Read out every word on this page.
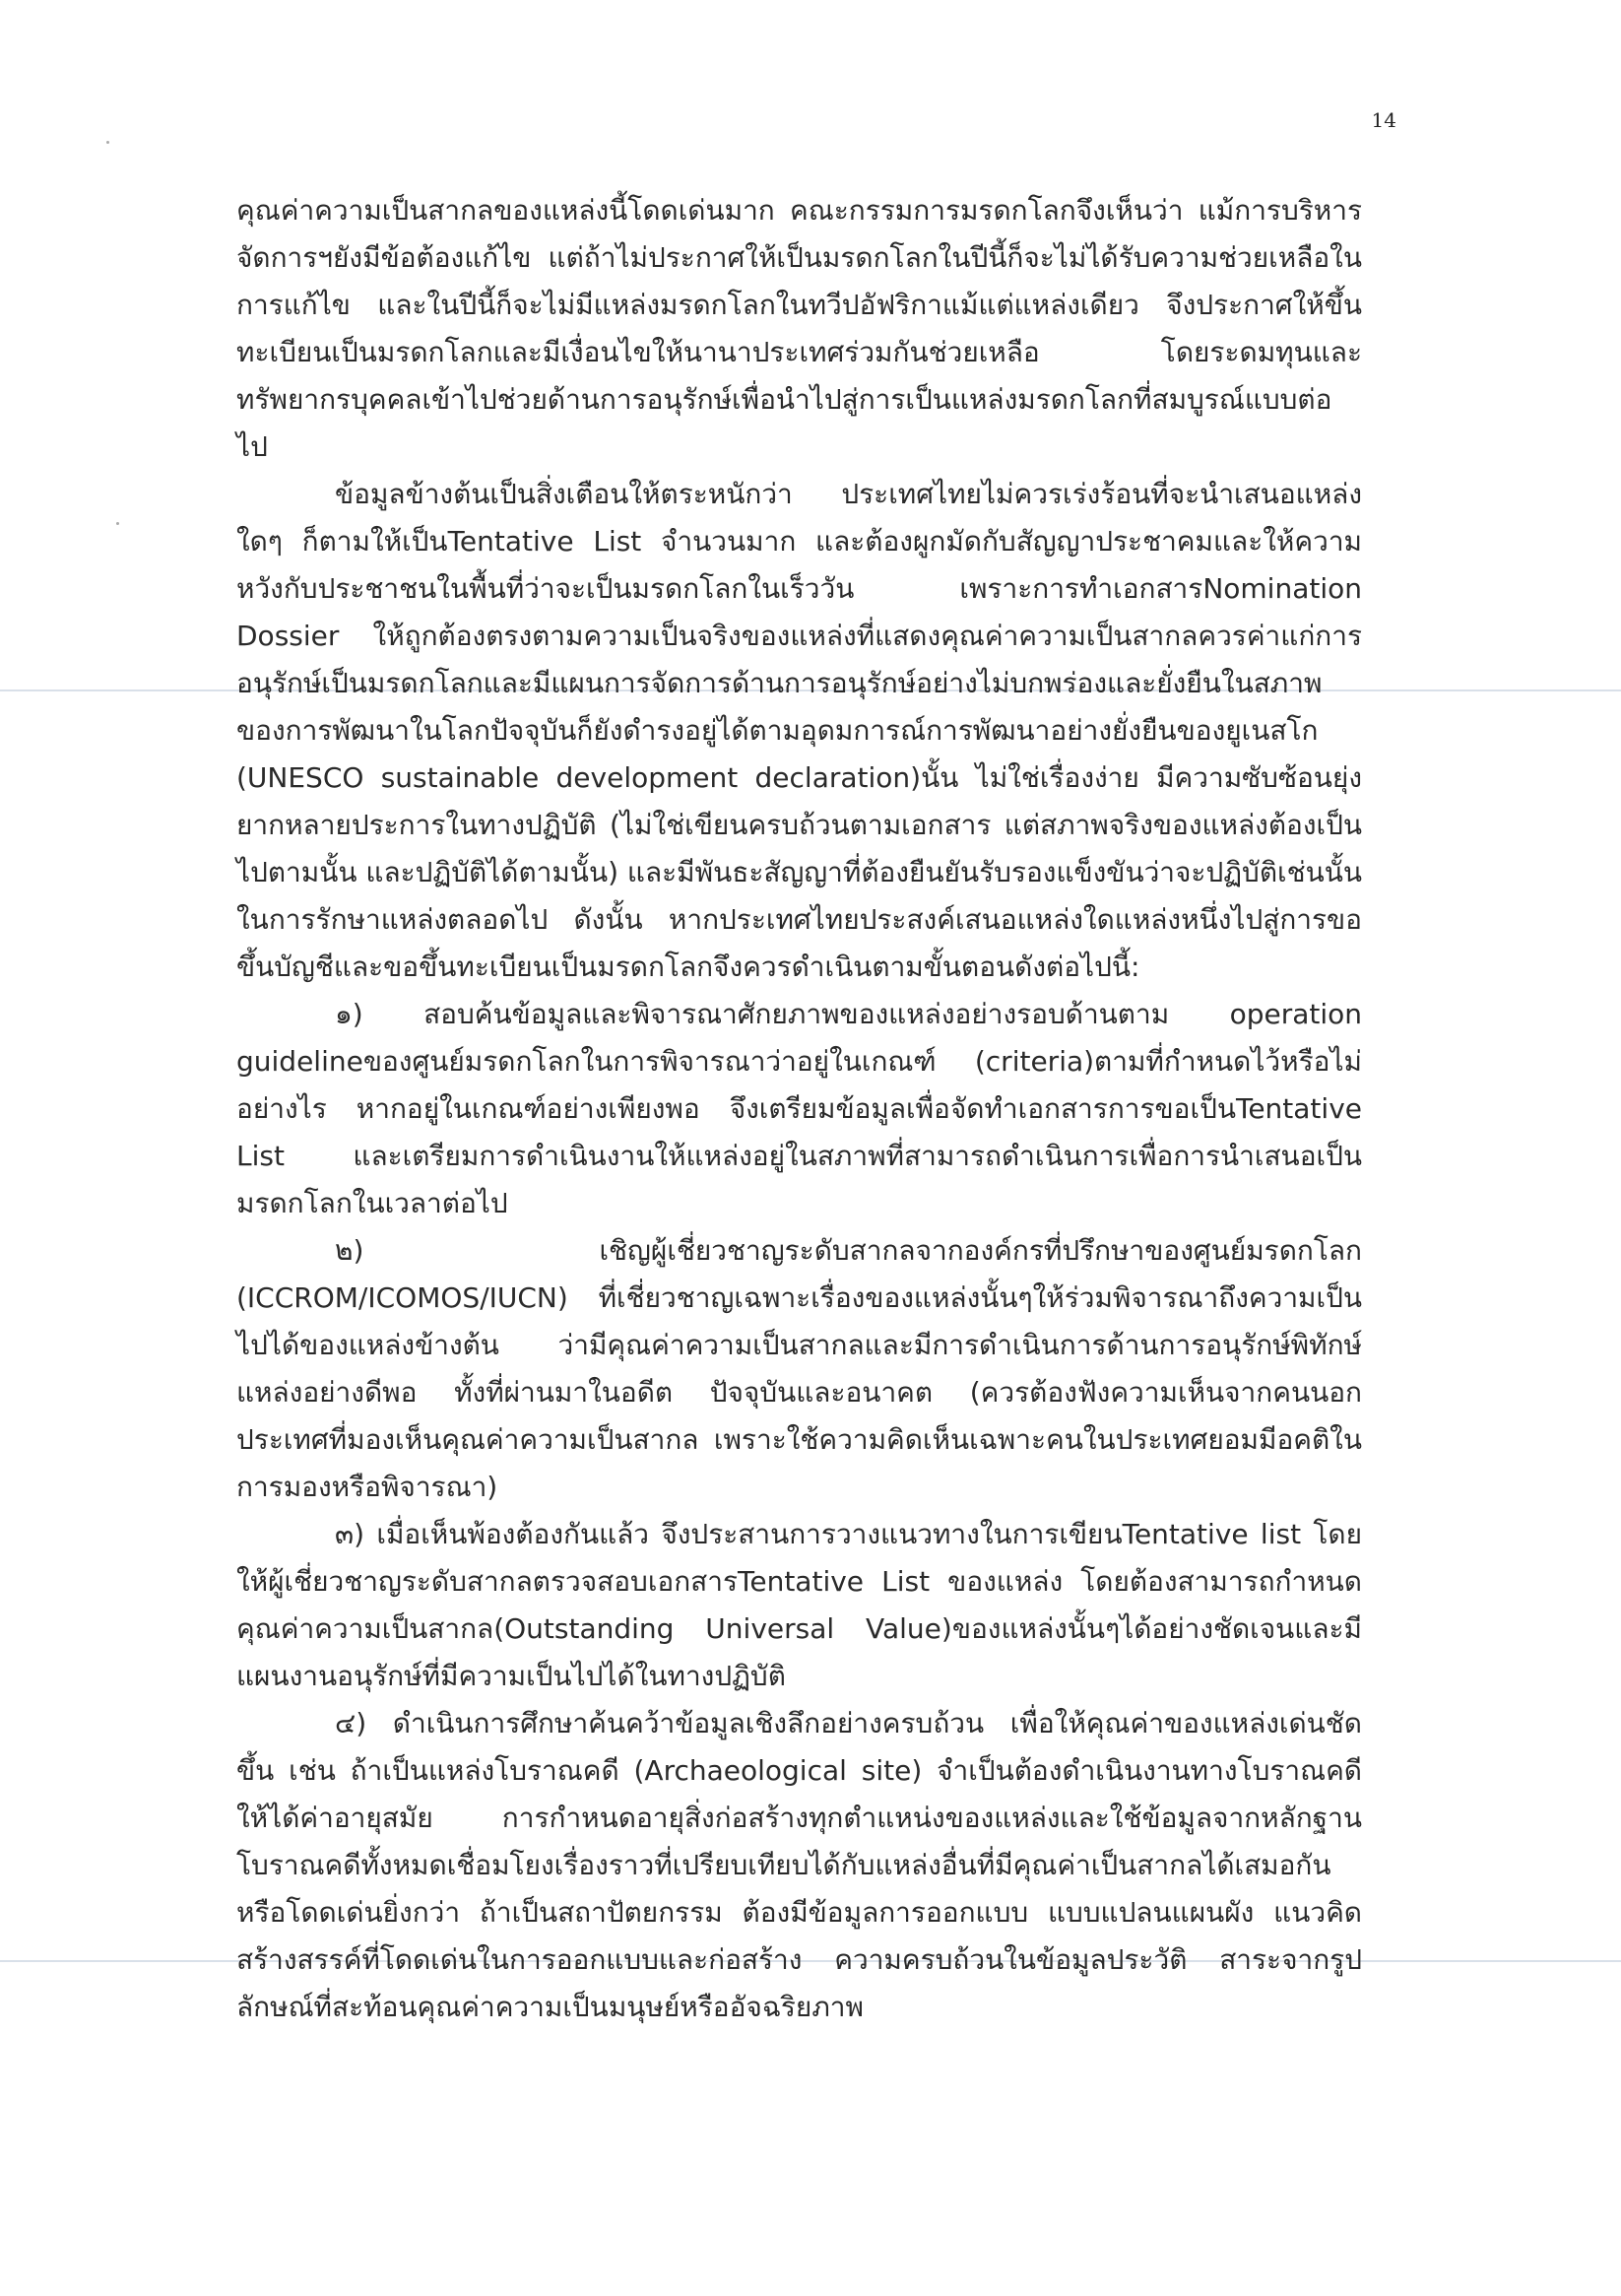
14

คุณค่าความเป็นสากลของแหล่งนี้โดดเด่นมาก คณะกรรมการมรดกโลกจึงเห็นว่า แม้การบริหารจัดการฯยังมีข้อต้องแก้ไข แต่ถ้าไม่ประกาศให้เป็นมรดกโลกในปีนี้ก็จะไม่ได้รับความช่วยเหลือในการแก้ไข และในปีนี้ก็จะไม่มีแหล่งมรดกโลกในทวีปอัฟริกาแม้แต่แหล่งเดียว จึงประกาศให้ขึ้นทะเบียนเป็นมรดกโลกและมีเงื่อนไขให้นานาประเทศร่วมกันช่วยเหลือ โดยระดมทุนและทรัพยากรบุคคลเข้าไปช่วยด้านการอนุรักษ์เพื่อนำไปสู่การเป็นแหล่งมรดกโลกที่สมบูรณ์แบบต่อไป

ข้อมูลข้างต้นเป็นสิ่งเตือนให้ตระหนักว่า ประเทศไทยไม่ควรเร่งร้อนที่จะนำเสนอแหล่งใดๆ ก็ตามให้เป็นTentative List จำนวนมาก และต้องผูกมัดกับสัญญาประชาคมและให้ความหวังกับประชาชนในพื้นที่ว่าจะเป็นมรดกโลกในเร็ววัน เพราะการทำเอกสารNomination Dossier ให้ถูกต้องตรงตามความเป็นจริงของแหล่งที่แสดงคุณค่าความเป็นสากลควรค่าแก่การอนุรักษ์เป็นมรดกโลกและมีแผนการจัดการด้านการอนุรักษ์อย่างไม่บกพร่องและยั่งยืนในสภาพของการพัฒนาในโลกปัจจุบันก็ยังดำรงอยู่ได้ตามอุดมการณ์การพัฒนาอย่างยั่งยืนของยูเนสโก (UNESCO sustainable development declaration)นั้น ไม่ใช่เรื่องง่าย มีความซับซ้อนยุ่งยากหลายประการในทางปฏิบัติ (ไม่ใช่เขียนครบถ้วนตามเอกสาร แต่สภาพจริงของแหล่งต้องเป็นไปตามนั้น และปฏิบัติได้ตามนั้น) และมีพันธะสัญญาที่ต้องยืนยันรับรองแข็งขันว่าจะปฏิบัติเช่นนั้นในการรักษาแหล่งตลอดไป ดังนั้น หากประเทศไทยประสงค์เสนอแหล่งใดแหล่งหนึ่งไปสู่การขอขึ้นบัญชีและขอขึ้นทะเบียนเป็นมรดกโลกจึงควรดำเนินตามขั้นตอนดังต่อไปนี้:

๑) สอบค้นข้อมูลและพิจารณาศักยภาพของแหล่งอย่างรอบด้านตาม operation guidelineของศูนย์มรดกโลกในการพิจารณาว่าอยู่ในเกณฑ์ (criteria)ตามที่กำหนดไว้หรือไม่ อย่างไร หากอยู่ในเกณฑ์อย่างเพียงพอ จึงเตรียมข้อมูลเพื่อจัดทำเอกสารการขอเป็นTentative List และเตรียมการดำเนินงานให้แหล่งอยู่ในสภาพที่สามารถดำเนินการเพื่อการนำเสนอเป็นมรดกโลกในเวลาต่อไป

๒) เชิญผู้เชี่ยวชาญระดับสากลจากองค์กรที่ปรึกษาของศูนย์มรดกโลก (ICCROM/ICOMOS/IUCN) ที่เชี่ยวชาญเฉพาะเรื่องของแหล่งนั้นๆให้ร่วมพิจารณาถึงความเป็นไปได้ของแหล่งข้างต้น ว่ามีคุณค่าความเป็นสากลและมีการดำเนินการด้านการอนุรักษ์พิทักษ์แหล่งอย่างดีพอ ทั้งที่ผ่านมาในอดีต ปัจจุบันและอนาคต (ควรต้องฟังความเห็นจากคนนอกประเทศที่มองเห็นคุณค่าความเป็นสากล เพราะใช้ความคิดเห็นเฉพาะคนในประเทศยอมมีอคติในการมองหรือพิจารณา)

๓) เมื่อเห็นพ้องต้องกันแล้ว จึงประสานการวางแนวทางในการเขียนTentative list โดยให้ผู้เชี่ยวชาญระดับสากลตรวจสอบเอกสารTentative List ของแหล่ง โดยต้องสามารถกำหนดคุณค่าความเป็นสากล(Outstanding Universal Value)ของแหล่งนั้นๆได้อย่างชัดเจนและมีแผนงานอนุรักษ์ที่มีความเป็นไปได้ในทางปฏิบัติ

๔) ดำเนินการศึกษาค้นคว้าข้อมูลเชิงลึกอย่างครบถ้วน เพื่อให้คุณค่าของแหล่งเด่นชัดขึ้น เช่น ถ้าเป็นแหล่งโบราณคดี (Archaeological site) จำเป็นต้องดำเนินงานทางโบราณคดีให้ได้ค่าอายุสมัย การกำหนดอายุสิ่งก่อสร้างทุกตำแหน่งของแหล่งและใช้ข้อมูลจากหลักฐานโบราณคดีทั้งหมดเชื่อมโยงเรื่องราวที่เปรียบเทียบได้กับแหล่งอื่นที่มีคุณค่าเป็นสากลได้เสมอกันหรือโดดเด่นยิ่งกว่า ถ้าเป็นสถาปัตยกรรม ต้องมีข้อมูลการออกแบบ แบบแปลนแผนผัง แนวคิดสร้างสรรค์ที่โดดเด่นในการออกแบบและก่อสร้าง ความครบถ้วนในข้อมูลประวัติ สาระจากรูปลักษณ์ที่สะท้อนคุณค่าความเป็นมนุษย์หรืออัจฉริยภาพ
